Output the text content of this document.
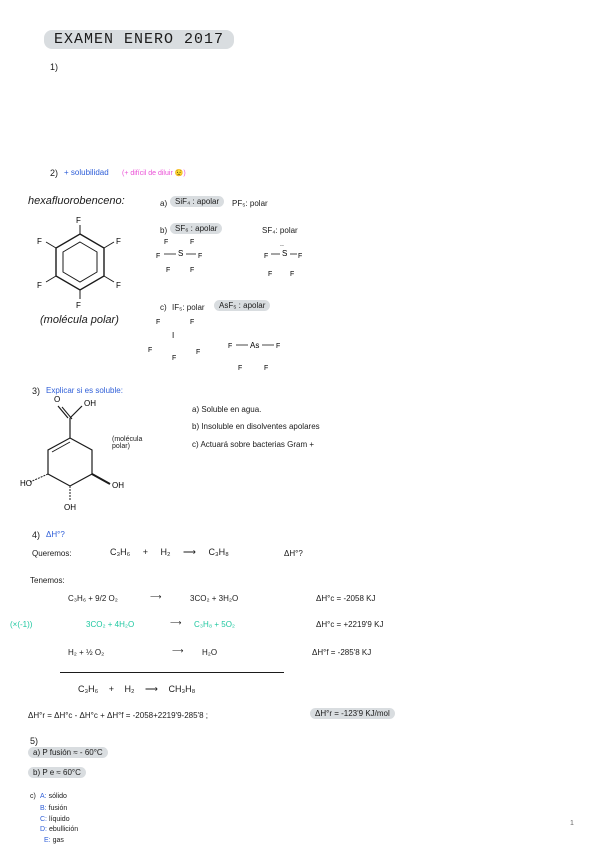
EXAMEN ENERO 2017
1)
2) + solubilidad (+ difícil de diluir 😟)
hexafluorobenceno:
F
F
F
F
F
F
(molécula polar)
a) SiF₄ : apolar	PF₅: polar
b) SF₆ : apolar	SF₄: polar
S
F	F
F	F
F	F
S
..
F	F
F	F
c) IF₅: polar	AsF₅ : apolar
I
F	F
F
F
F
As
F	F
F	F
3) Explicar si es soluble:
OH
O
OH
OH
HO
(molécula polar)
a) Soluble en agua.
b) Insoluble en disolventes apolares
c) Actuará sobre bacterias Gram +
4) ΔH°?
Queremos:	C₃H₆ + H₂ ⟶ C₃H₈	ΔH°?
Tenemos:
C₃H₆ + 9/2 O₂	⟶	3CO₂ + 3H₂O	ΔH°c = -2058 KJ
(×(-1))	3CO₂ + 4H₂O	⟶ C₃H₈ + 5O₂	ΔH°c = +2219'9 KJ
H₂ + ½ O₂	⟶ H₂O	ΔH°f = -285'8 KJ
C₃H₆ + H₂ ⟶ CH₃H₈
ΔH°r = ΔH°c - ΔH°c + ΔH°f = -2058+2219'9-285'8 ;	ΔH°r = -123'9 KJ/mol
5)
a) P fusión ≈ - 60°C
b) P e ≈ 60°C
c) A: sólido
B: fusión
C: líquido
D: ebullición
E: gas
1
